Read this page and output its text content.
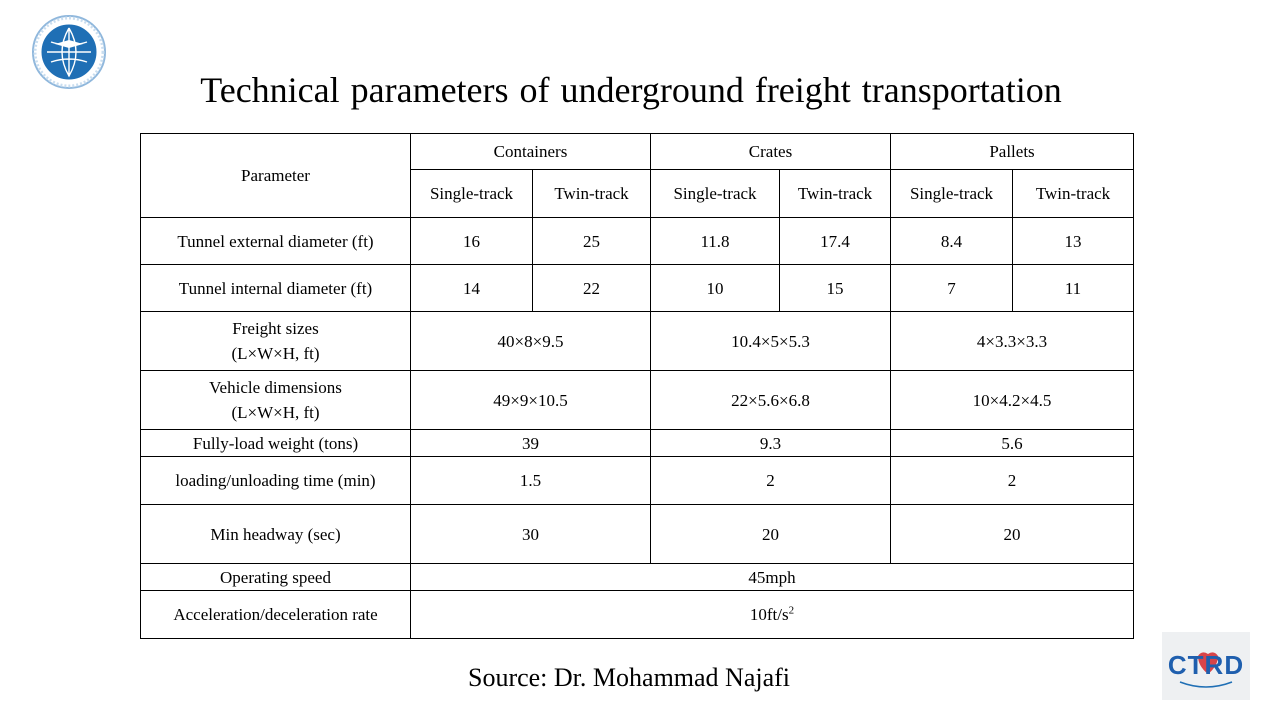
Technical parameters of underground freight transportation
Parameter	Containers		Crates		Pallets	
	Single-track	Twin-track	Single-track	Twin-track	Single-track	Twin-track
Tunnel external diameter (ft)	16	25	11.8	17.4	8.4	13
Tunnel internal diameter (ft)	14	22	10	15	7	11

Freight sizes
(L×W×H, ft)	40×8×9.5		10.4×5×5.3		4×3.3×3.3	

Vehicle dimensions
(L×W×H, ft)	49×9×10.5		22×5.6×6.8		10×4.2×4.5	
Fully-load weight (tons)	39		9.3		5.6	
loading/unloading time (min)	1.5		2		2	
Min headway (sec)	30		20		20	
Operating speed	45mph					
Acceleration/deceleration rate	$10ft/s^2$
Source: Dr. Mohammad Najafi	CTRD
